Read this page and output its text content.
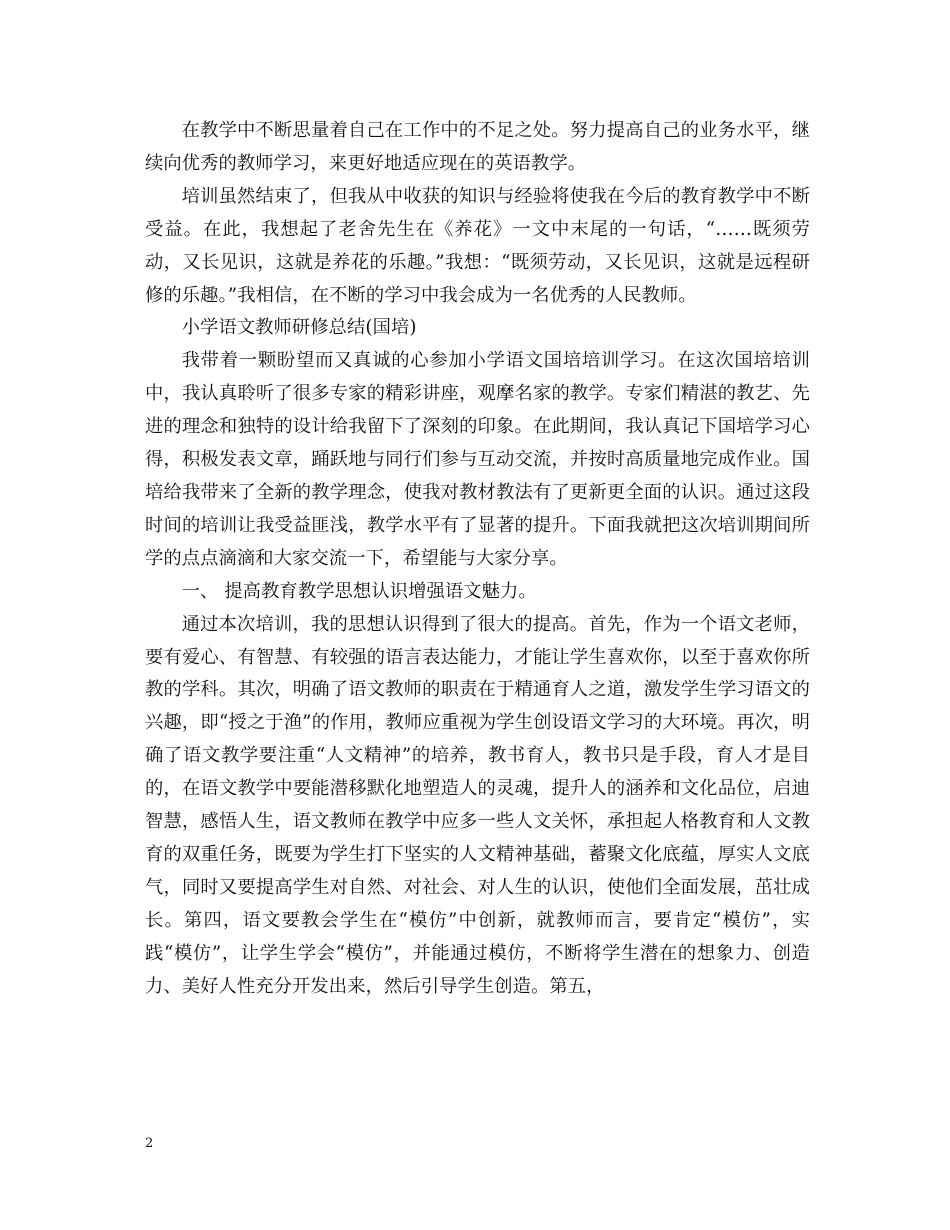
在教学中不断思量着自己在工作中的不足之处。努力提高自己的业务水平，继续向优秀的教师学习，来更好地适应现在的英语教学。

培训虽然结束了，但我从中收获的知识与经验将使我在今后的教育教学中不断受益。在此，我想起了老舍先生在《养花》一文中末尾的一句话，“……既须劳动，又长见识，这就是养花的乐趣。”我想：“既须劳动，又长见识，这就是远程研修的乐趣。”我相信，在不断的学习中我会成为一名优秀的人民教师。

小学语文教师研修总结(国培)

我带着一颗盼望而又真诚的心参加小学语文国培培训学习。在这次国培培训中，我认真聆听了很多专家的精彩讲座，观摩名家的教学。专家们精湛的教艺、先进的理念和独特的设计给我留下了深刻的印象。在此期间，我认真记下国培学习心得，积极发表文章，踊跃地与同行们参与互动交流，并按时高质量地完成作业。国培给我带来了全新的教学理念，使我对教材教法有了更新更全面的认识。通过这段时间的培训让我受益匪浅，教学水平有了显著的提升。下面我就把这次培训期间所学的点点滴滴和大家交流一下，希望能与大家分享。

一、 提高教育教学思想认识增强语文魅力。

通过本次培训，我的思想认识得到了很大的提高。首先，作为一个语文老师，要有爱心、有智慧、有较强的语言表达能力，才能让学生喜欢你，以至于喜欢你所教的学科。其次，明确了语文教师的职责在于精通育人之道，激发学生学习语文的兴趣，即“授之于渔”的作用，教师应重视为学生创设语文学习的大环境。再次，明确了语文教学要注重“人文精神”的培养，教书育人，教书只是手段，育人才是目的，在语文教学中要能潜移默化地塑造人的灵魂，提升人的涵养和文化品位，启迪智慧，感悟人生，语文教师在教学中应多一些人文关怀，承担起人格教育和人文教育的双重任务，既要为学生打下坚实的人文精神基础，蓄聚文化底蕴，厚实人文底气，同时又要提高学生对自然、对社会、对人生的认识，使他们全面发展，茁壮成长。第四，语文要教会学生在“模仿”中创新，就教师而言，要肯定“模仿”，实践“模仿”，让学生学会“模仿”，并能通过模仿，不断将学生潜在的想象力、创造力、美好人性充分开发出来，然后引导学生创造。第五，

2
